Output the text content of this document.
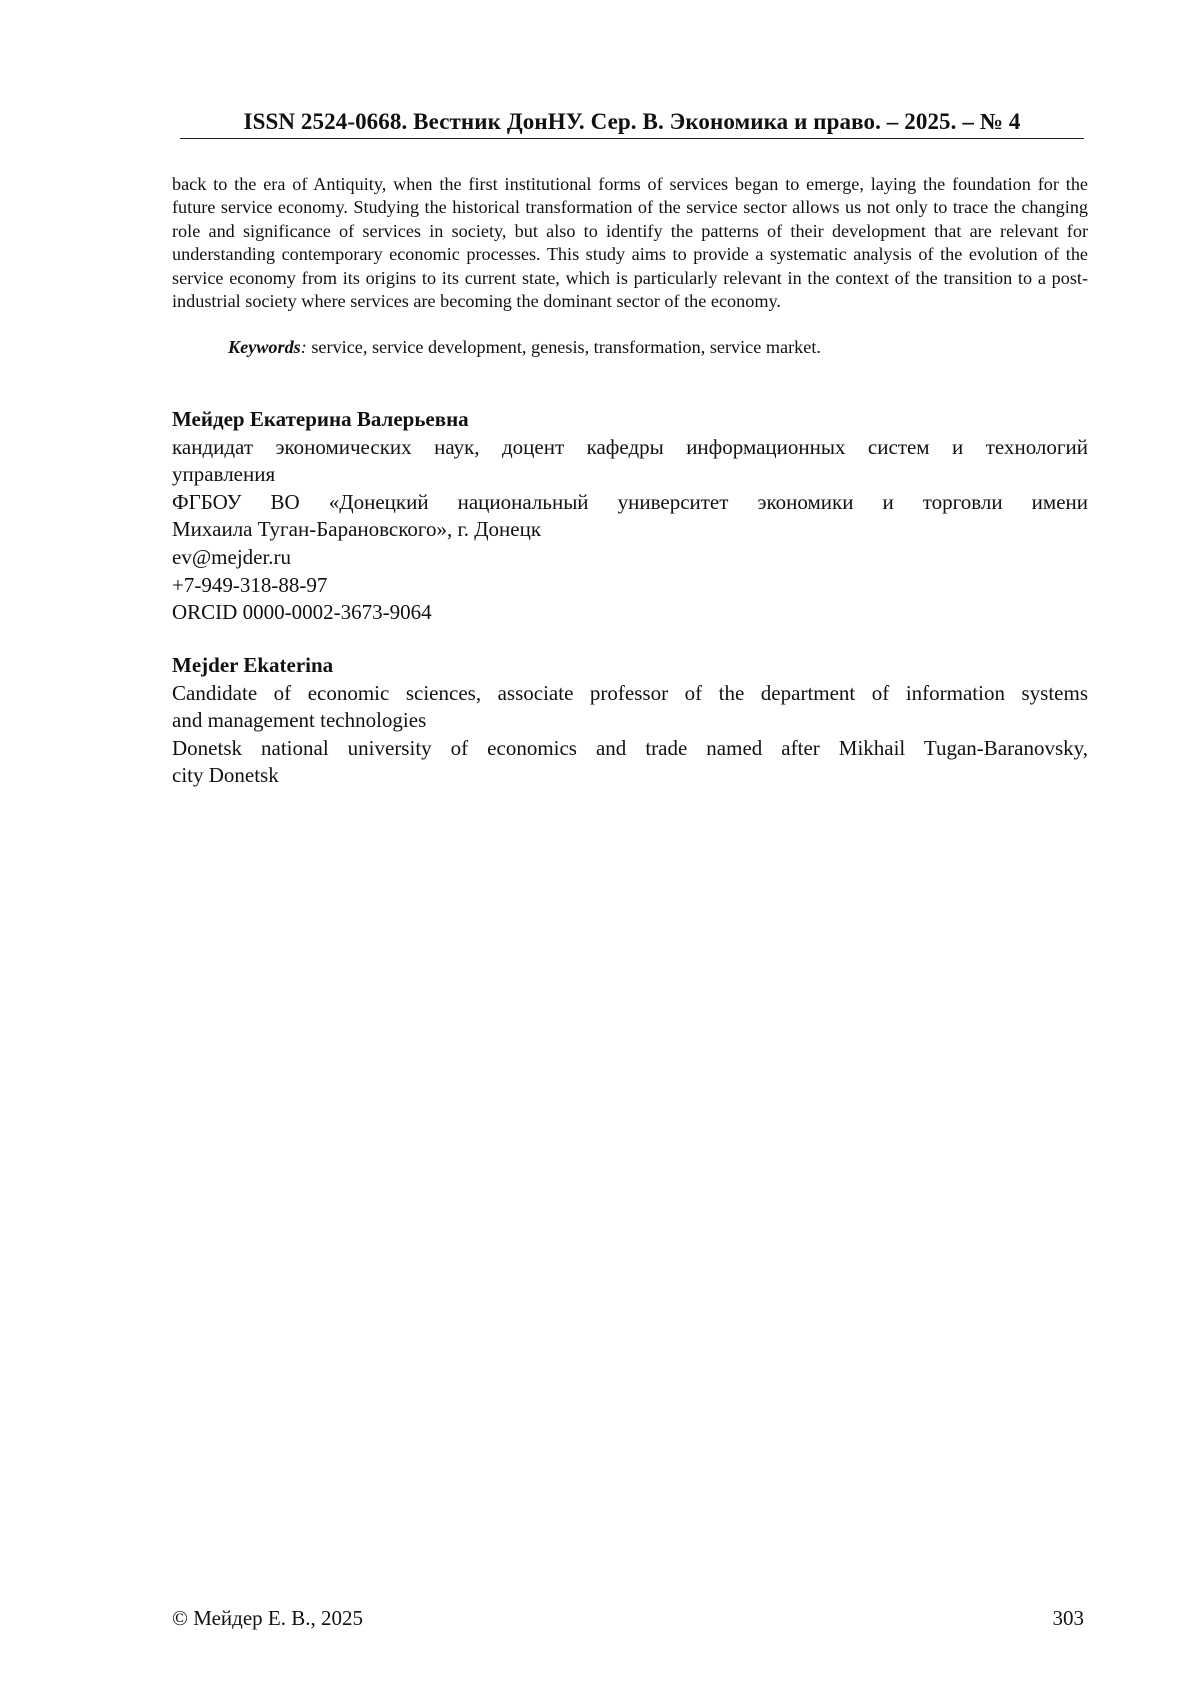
ISSN 2524-0668. Вестник ДонНУ. Сер. В. Экономика и право. – 2025. – № 4

back to the era of Antiquity, when the first institutional forms of services began to emerge, laying the foundation for the future service economy. Studying the historical transformation of the service sector allows us not only to trace the changing role and significance of services in society, but also to identify the patterns of their development that are relevant for understanding contemporary economic processes. This study aims to provide a systematic analysis of the evolution of the service economy from its origins to its current state, which is particularly relevant in the context of the transition to a post-industrial society where services are becoming the dominant sector of the economy.

Keywords: service, service development, genesis, transformation, service market.
Мейдер Екатерина Валерьевна
кандидат экономических наук, доцент кафедры информационных систем и технологий
управления
ФГБОУ ВО «Донецкий национальный университет экономики и торговли имени
Михаила Туган-Барановского», г. Донецк
ev@mejder.ru
+7-949-318-88-97
ORCID 0000-0002-3673-9064
Mejder Ekaterina
Candidate of economic sciences, associate professor of the department of information systems
and management technologies
Donetsk national university of economics and trade named after Mikhail Tugan-Baranovsky,
city Donetsk
© Мейдер Е. В., 2025	303
